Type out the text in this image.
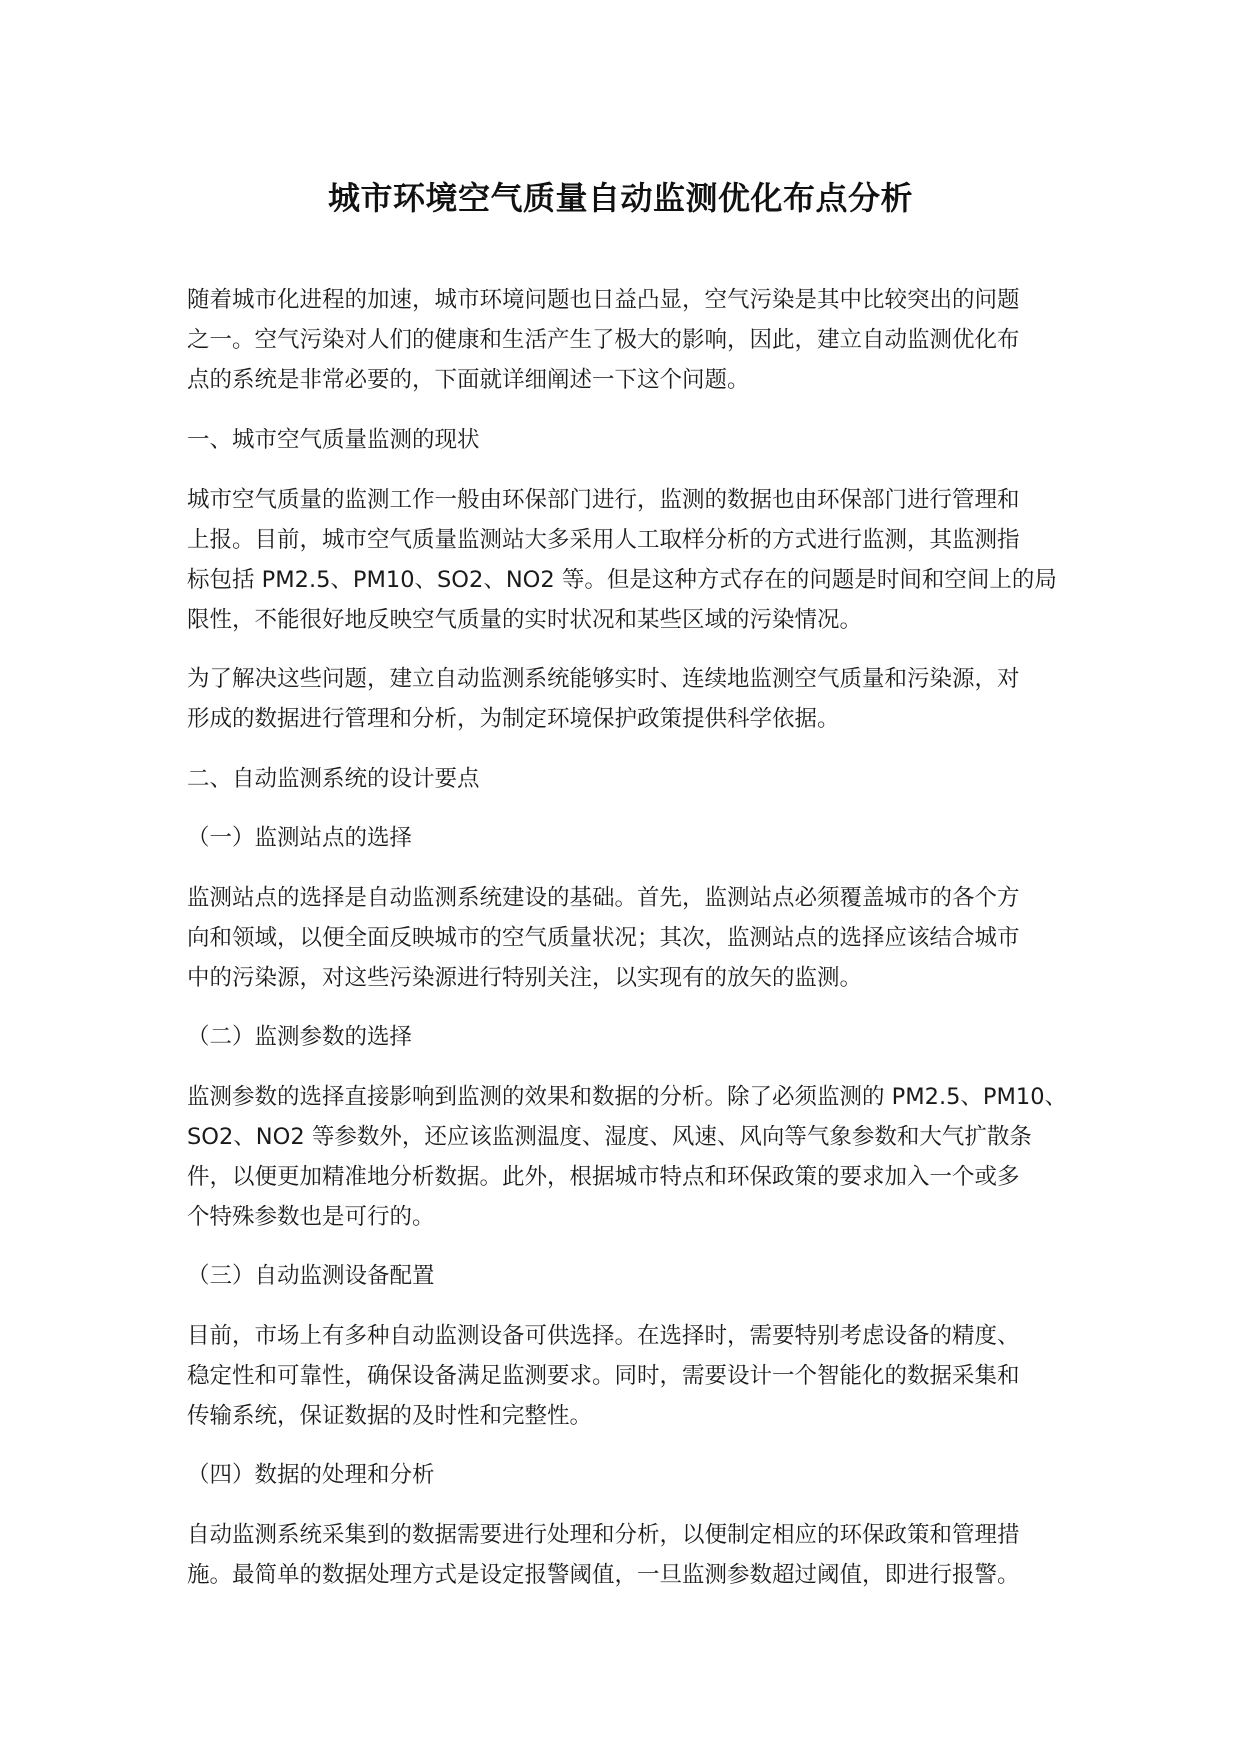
城市环境空气质量自动监测优化布点分析
随着城市化进程的加速，城市环境问题也日益凸显，空气污染是其中比较突出的问题
之一。空气污染对人们的健康和生活产生了极大的影响，因此，建立自动监测优化布
点的系统是非常必要的，下面就详细阐述一下这个问题。
一、城市空气质量监测的现状
城市空气质量的监测工作一般由环保部门进行，监测的数据也由环保部门进行管理和
上报。目前，城市空气质量监测站大多采用人工取样分析的方式进行监测，其监测指
标包括 PM2.5、PM10、SO2、NO2 等。但是这种方式存在的问题是时间和空间上的局
限性，不能很好地反映空气质量的实时状况和某些区域的污染情况。
为了解决这些问题，建立自动监测系统能够实时、连续地监测空气质量和污染源，对
形成的数据进行管理和分析，为制定环境保护政策提供科学依据。
二、自动监测系统的设计要点
（一）监测站点的选择
监测站点的选择是自动监测系统建设的基础。首先，监测站点必须覆盖城市的各个方
向和领域，以便全面反映城市的空气质量状况；其次，监测站点的选择应该结合城市
中的污染源，对这些污染源进行特别关注，以实现有的放矢的监测。
（二）监测参数的选择
监测参数的选择直接影响到监测的效果和数据的分析。除了必须监测的 PM2.5、PM10、
SO2、NO2 等参数外，还应该监测温度、湿度、风速、风向等气象参数和大气扩散条
件，以便更加精准地分析数据。此外，根据城市特点和环保政策的要求加入一个或多
个特殊参数也是可行的。
（三）自动监测设备配置
目前，市场上有多种自动监测设备可供选择。在选择时，需要特别考虑设备的精度、
稳定性和可靠性，确保设备满足监测要求。同时，需要设计一个智能化的数据采集和
传输系统，保证数据的及时性和完整性。
（四）数据的处理和分析
自动监测系统采集到的数据需要进行处理和分析，以便制定相应的环保政策和管理措
施。最简单的数据处理方式是设定报警阈值，一旦监测参数超过阈值，即进行报警。
